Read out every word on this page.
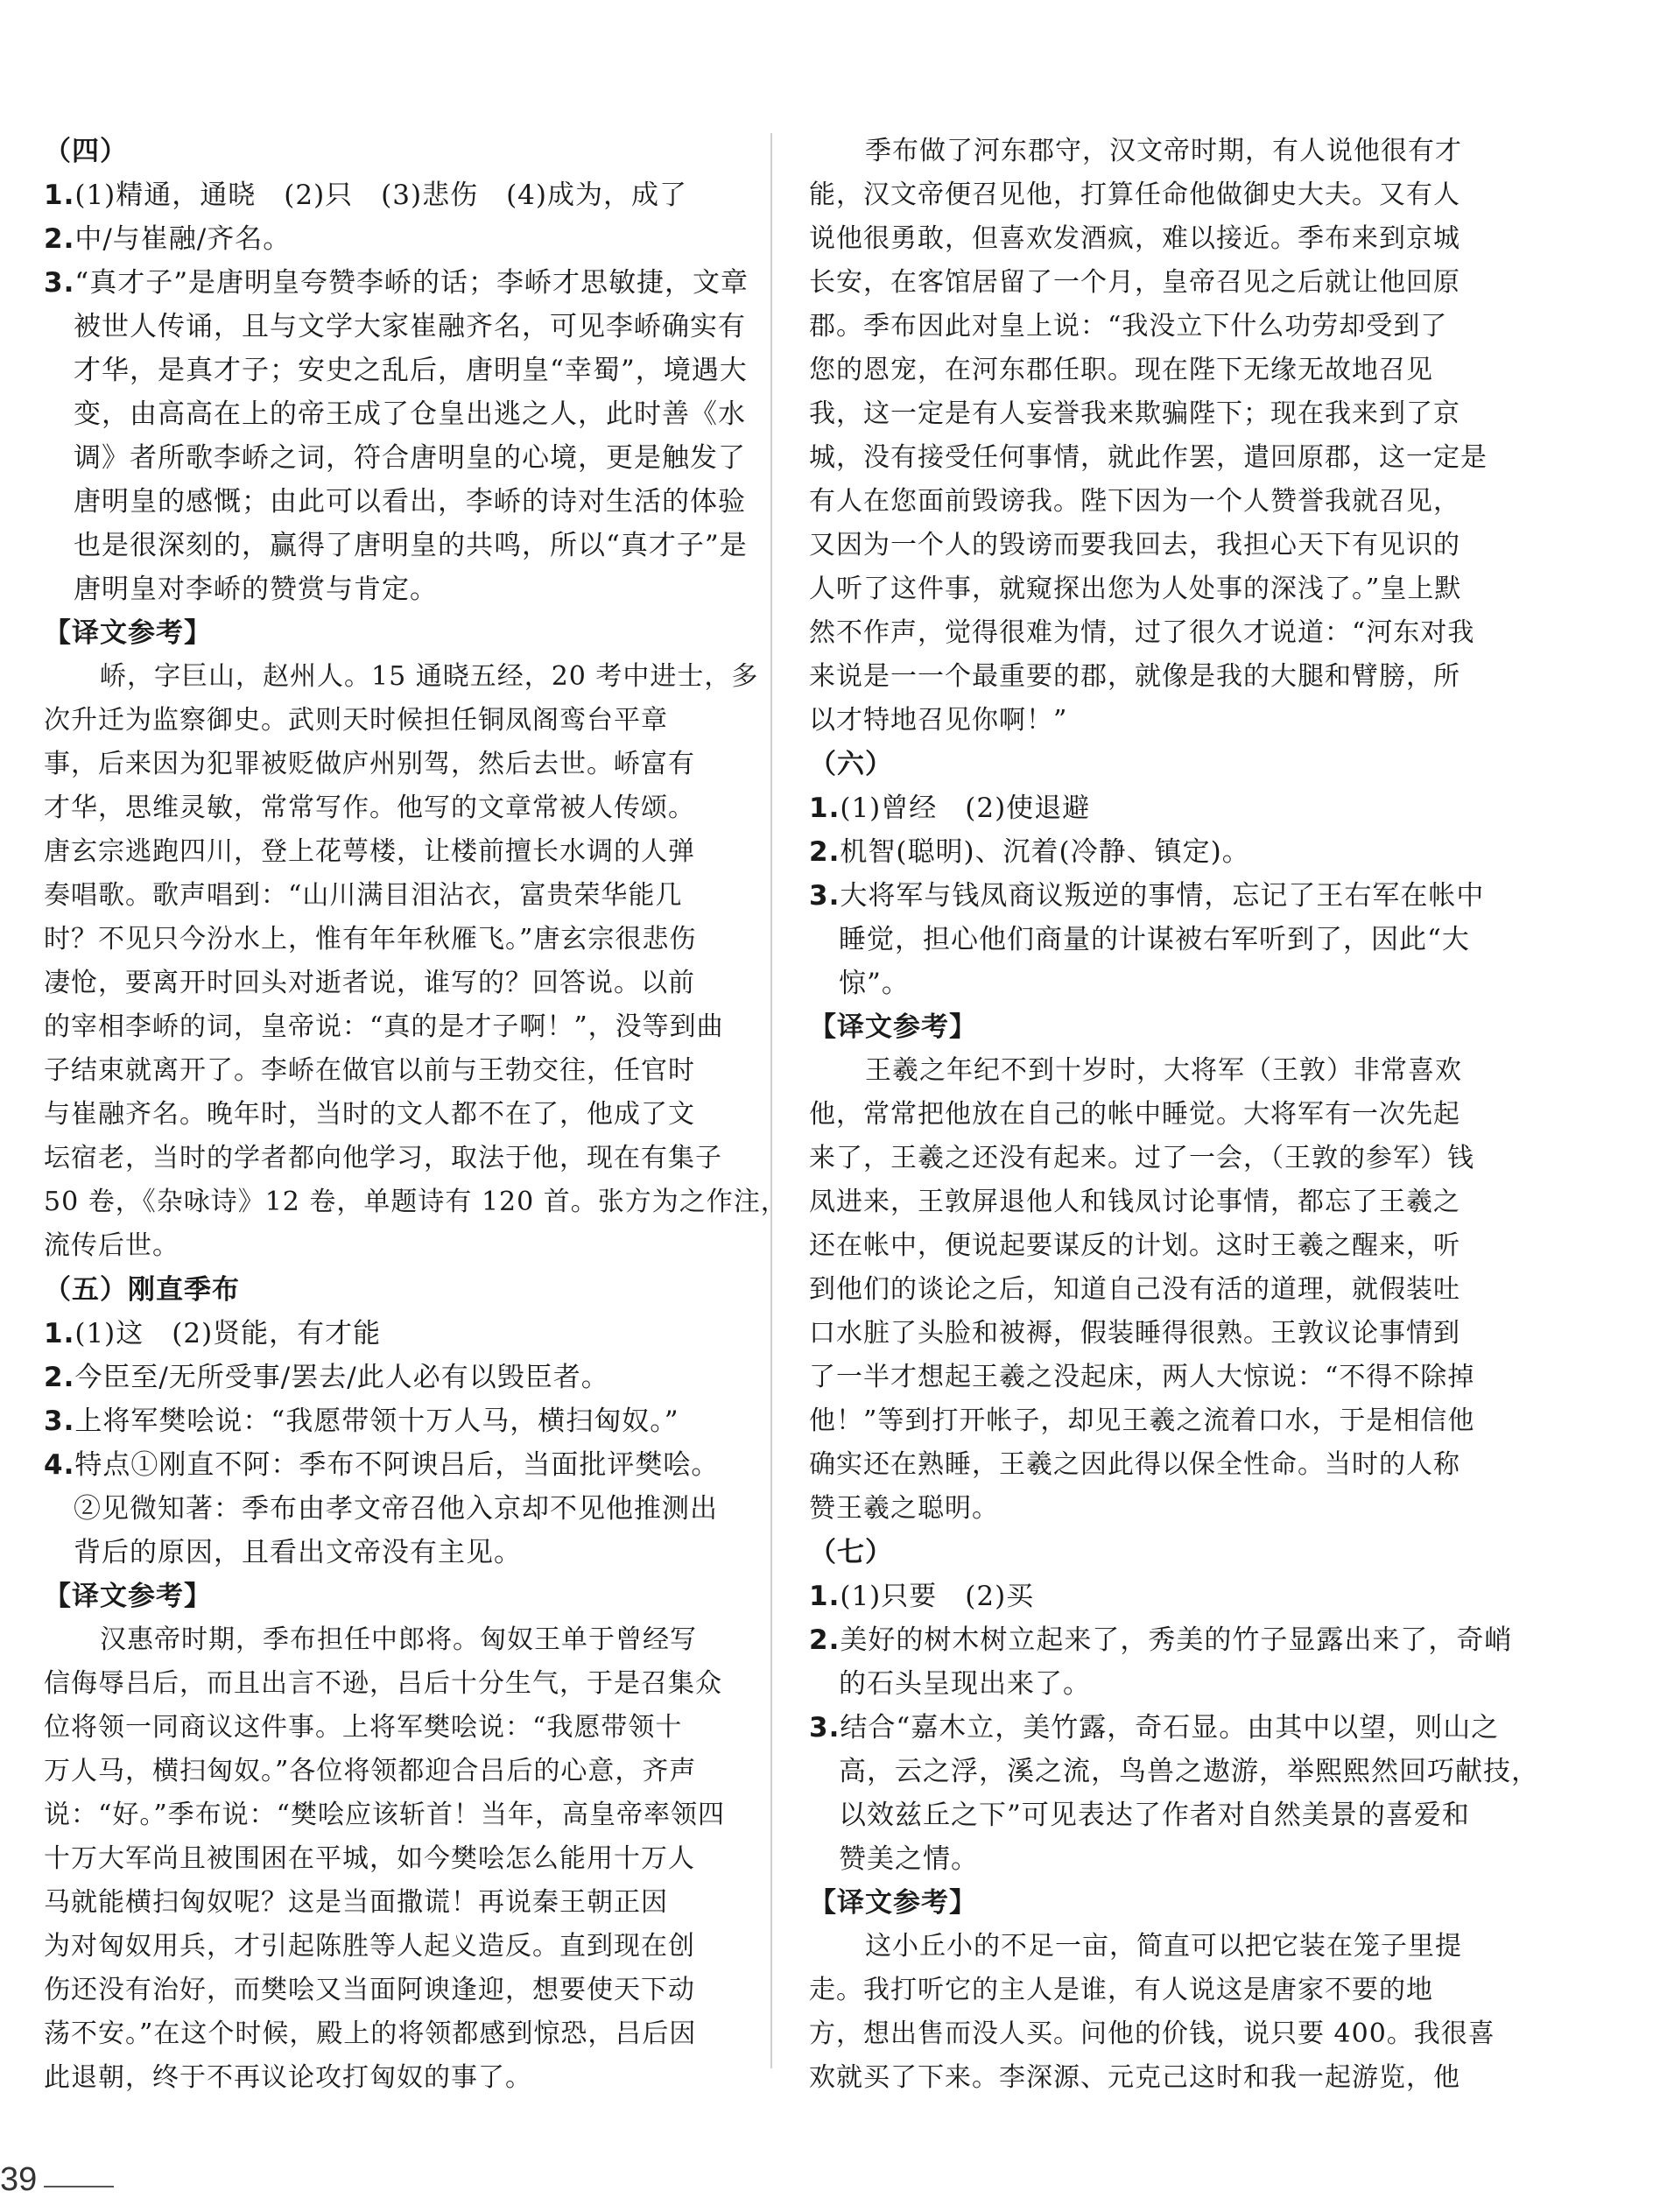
（四）
1.(1)精通，通晓　(2)只　(3)悲伤　(4)成为，成了
2.中/与崔融/齐名。
3.“真才子”是唐明皇夸赞李峤的话；李峤才思敏捷，文章
被世人传诵，且与文学大家崔融齐名，可见李峤确实有
才华，是真才子；安史之乱后，唐明皇“幸蜀”，境遇大
变，由高高在上的帝王成了仓皇出逃之人，此时善《水
调》者所歌李峤之词，符合唐明皇的心境，更是触发了
唐明皇的感慨；由此可以看出，李峤的诗对生活的体验
也是很深刻的，赢得了唐明皇的共鸣，所以“真才子”是
唐明皇对李峤的赞赏与肯定。
【译文参考】
峤，字巨山，赵州人。15 通晓五经，20 考中进士，多
次升迁为监察御史。武则天时候担任铜凤阁鸾台平章
事，后来因为犯罪被贬做庐州别驾，然后去世。峤富有
才华，思维灵敏，常常写作。他写的文章常被人传颂。
唐玄宗逃跑四川，登上花萼楼，让楼前擅长水调的人弹
奏唱歌。歌声唱到：“山川满目泪沾衣，富贵荣华能几
时？不见只今汾水上，惟有年年秋雁飞。”唐玄宗很悲伤
凄怆，要离开时回头对逝者说，谁写的？回答说。以前
的宰相李峤的词，皇帝说：“真的是才子啊！”，没等到曲
子结束就离开了。李峤在做官以前与王勃交往，任官时
与崔融齐名。晚年时，当时的文人都不在了，他成了文
坛宿老，当时的学者都向他学习，取法于他，现在有集子
50 卷，《杂咏诗》12 卷，单题诗有 120 首。张方为之作注，
流传后世。
（五）刚直季布
1.(1)这　(2)贤能，有才能
2.今臣至/无所受事/罢去/此人必有以毁臣者。
3.上将军樊哙说：“我愿带领十万人马，横扫匈奴。”
4.特点①刚直不阿：季布不阿谀吕后，当面批评樊哙。
②见微知著：季布由孝文帝召他入京却不见他推测出
背后的原因，且看出文帝没有主见。
【译文参考】
汉惠帝时期，季布担任中郎将。匈奴王单于曾经写
信侮辱吕后，而且出言不逊，吕后十分生气，于是召集众
位将领一同商议这件事。上将军樊哙说：“我愿带领十
万人马，横扫匈奴。”各位将领都迎合吕后的心意，齐声
说：“好。”季布说：“樊哙应该斩首！当年，高皇帝率领四
十万大军尚且被围困在平城，如今樊哙怎么能用十万人
马就能横扫匈奴呢？这是当面撒谎！再说秦王朝正因
为对匈奴用兵，才引起陈胜等人起义造反。直到现在创
伤还没有治好，而樊哙又当面阿谀逢迎，想要使天下动
荡不安。”在这个时候，殿上的将领都感到惊恐，吕后因
此退朝，终于不再议论攻打匈奴的事了。
季布做了河东郡守，汉文帝时期，有人说他很有才
能，汉文帝便召见他，打算任命他做御史大夫。又有人
说他很勇敢，但喜欢发酒疯，难以接近。季布来到京城
长安，在客馆居留了一个月，皇帝召见之后就让他回原
郡。季布因此对皇上说：“我没立下什么功劳却受到了
您的恩宠，在河东郡任职。现在陛下无缘无故地召见
我，这一定是有人妄誉我来欺骗陛下；现在我来到了京
城，没有接受任何事情，就此作罢，遣回原郡，这一定是
有人在您面前毁谤我。陛下因为一个人赞誉我就召见，
又因为一个人的毁谤而要我回去，我担心天下有见识的
人听了这件事，就窥探出您为人处事的深浅了。”皇上默
然不作声，觉得很难为情，过了很久才说道：“河东对我
来说是一一个最重要的郡，就像是我的大腿和臂膀，所
以才特地召见你啊！”
（六）
1.(1)曾经　(2)使退避
2.机智(聪明)、沉着(冷静、镇定)。
3.大将军与钱凤商议叛逆的事情，忘记了王右军在帐中
睡觉，担心他们商量的计谋被右军听到了，因此“大
惊”。
【译文参考】
王羲之年纪不到十岁时，大将军（王敦）非常喜欢
他，常常把他放在自己的帐中睡觉。大将军有一次先起
来了，王羲之还没有起来。过了一会，（王敦的参军）钱
凤进来，王敦屏退他人和钱凤讨论事情，都忘了王羲之
还在帐中，便说起要谋反的计划。这时王羲之醒来，听
到他们的谈论之后，知道自己没有活的道理，就假装吐
口水脏了头脸和被褥，假装睡得很熟。王敦议论事情到
了一半才想起王羲之没起床，两人大惊说：“不得不除掉
他！”等到打开帐子，却见王羲之流着口水，于是相信他
确实还在熟睡，王羲之因此得以保全性命。当时的人称
赞王羲之聪明。
（七）
1.(1)只要　(2)买
2.美好的树木树立起来了，秀美的竹子显露出来了，奇峭
的石头呈现出来了。
3.结合“嘉木立，美竹露，奇石显。由其中以望，则山之
高，云之浮，溪之流，鸟兽之遨游，举熙熙然回巧献技，
以效兹丘之下”可见表达了作者对自然美景的喜爱和
赞美之情。
【译文参考】
这小丘小的不足一亩，简直可以把它装在笼子里提
走。我打听它的主人是谁，有人说这是唐家不要的地
方，想出售而没人买。问他的价钱，说只要 400。我很喜
欢就买了下来。李深源、元克己这时和我一起游览，他
39
